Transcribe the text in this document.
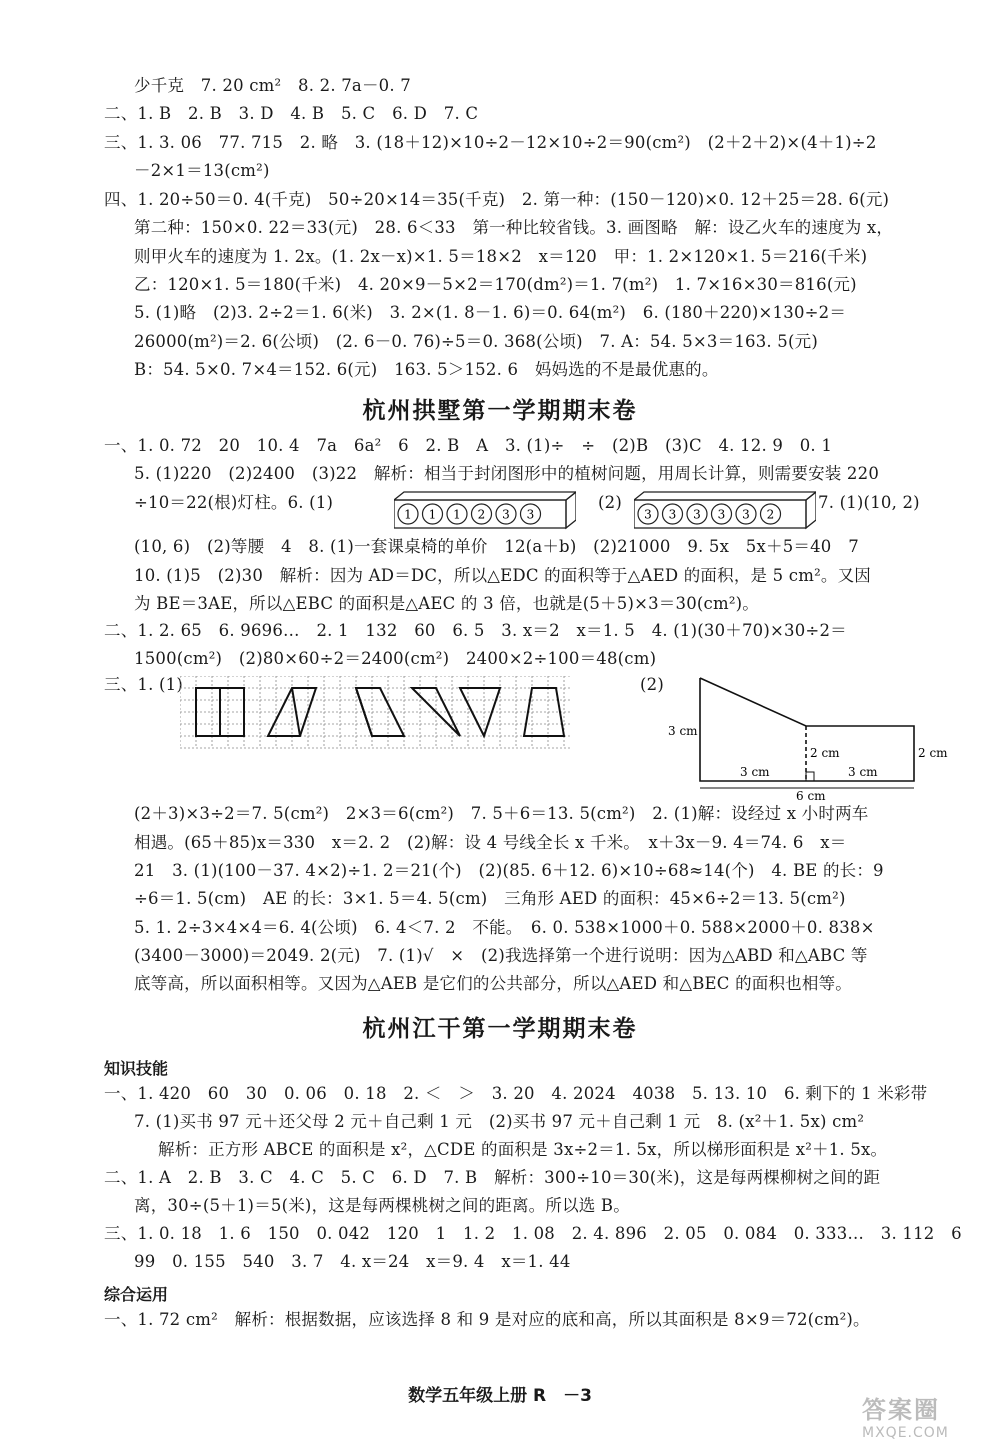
少千克　7. 20 cm²　8. 2. 7a－0. 7
二、1. B　2. B　3. D　4. B　5. C　6. D　7. C
三、1. 3. 06　77. 715　2. 略　3. (18＋12)×10÷2－12×10÷2＝90(cm²)　(2＋2＋2)×(4＋1)÷2
－2×1＝13(cm²)
四、1. 20÷50＝0. 4(千克)　50÷20×14＝35(千克)　2. 第一种：(150－120)×0. 12＋25＝28. 6(元)
第二种：150×0. 22＝33(元)　28. 6＜33　第一种比较省钱。3. 画图略　解：设乙火车的速度为 x，
则甲火车的速度为 1. 2x。(1. 2x－x)×1. 5＝18×2　x＝120　甲：1. 2×120×1. 5＝216(千米)
乙：120×1. 5＝180(千米)　4. 20×9－5×2＝170(dm²)＝1. 7(m²)　1. 7×16×30＝816(元)
5. (1)略　(2)3. 2÷2＝1. 6(米)　3. 2×(1. 8－1. 6)＝0. 64(m²)　6. (180＋220)×130÷2＝
26000(m²)＝2. 6(公顷)　(2. 6－0. 76)÷5＝0. 368(公顷)　7. A：54. 5×3＝163. 5(元)
B：54. 5×0. 7×4＝152. 6(元)　163. 5＞152. 6　妈妈选的不是最优惠的。
杭州拱墅第一学期期末卷
一、1. 0. 72　20　10. 4　7a　6a²　6　2. B　A　3. (1)÷　÷　(2)B　(3)C　4. 12. 9　0. 1
5. (1)220　(2)2400　(3)22　解析：相当于封闭图形中的植树问题，用周长计算，则需要安装 220
÷10＝22(根)灯柱。6. (1)	(2)	7. (1)(10, 2)
1 1 1 2 3 3	3 3 3 3 3 2
(10, 6)　(2)等腰　4　8. (1)一套课桌椅的单价　12(a＋b)　(2)21000　9. 5x　5x＋5＝40　7
10. (1)5　(2)30　解析：因为 AD＝DC，所以△EDC 的面积等于△AED 的面积，是 5 cm²。又因
为 BE＝3AE，所以△EBC 的面积是△AEC 的 3 倍，也就是(5＋5)×3＝30(cm²)。
二、1. 2. 65　6. 9696…　2. 1　132　60　6. 5　3. x＝2　x＝1. 5　4. (1)(30＋70)×30÷2＝
1500(cm²)　(2)80×60÷2＝2400(cm²)　2400×2÷100＝48(cm)
三、1. (1)	(2)
3 cm
2 cm	2 cm
3 cm	3 cm
6 cm
(2＋3)×3÷2＝7. 5(cm²)　2×3＝6(cm²)　7. 5＋6＝13. 5(cm²)　2. (1)解：设经过 x 小时两车
相遇。(65＋85)x＝330　x＝2. 2　(2)解：设 4 号线全长 x 千米。　x＋3x－9. 4＝74. 6　x＝
21　3. (1)(100－37. 4×2)÷1. 2＝21(个)　(2)(85. 6＋12. 6)×10÷68≈14(个)　4. BE 的长：9
÷6＝1. 5(cm)　AE 的长：3×1. 5＝4. 5(cm)　三角形 AED 的面积：45×6÷2＝13. 5(cm²)
5. 1. 2÷3×4×4＝6. 4(公顷)　6. 4＜7. 2　不能。　6. 0. 538×1000＋0. 588×2000＋0. 838×
(3400－3000)＝2049. 2(元)　7. (1)√　×　(2)我选择第一个进行说明：因为△ABD 和△ABC 等
底等高，所以面积相等。又因为△AEB 是它们的公共部分，所以△AED 和△BEC 的面积也相等。
杭州江干第一学期期末卷
知识技能
一、1. 420　60　30　0. 06　0. 18　2. ＜　＞　3. 20　4. 2024　4038　5. 13. 10　6. 剩下的 1 米彩带
7. (1)买书 97 元＋还父母 2 元＋自己剩 1 元　(2)买书 97 元＋自己剩 1 元　8. (x²＋1. 5x) cm²
解析：正方形 ABCE 的面积是 x²，△CDE 的面积是 3x÷2＝1. 5x，所以梯形面积是 x²＋1. 5x。
二、1. A　2. B　3. C　4. C　5. C　6. D　7. B　解析：300÷10＝30(米)，这是每两棵柳树之间的距
离，30÷(5＋1)＝5(米)，这是每两棵桃树之间的距离。所以选 B。
三、1. 0. 18　1. 6　150　0. 042　120　1　1. 2　1. 08　2. 4. 896　2. 05　0. 084　0. 333…　3. 112　6
99　0. 155　540　3. 7　4. x＝24　x＝9. 4　x＝1. 44
综合运用
一、1. 72 cm²　解析：根据数据，应该选择 8 和 9 是对应的底和高，所以其面积是 8×9＝72(cm²)。
数学五年级上册 R　－3	答案圈
MXQE.COM
